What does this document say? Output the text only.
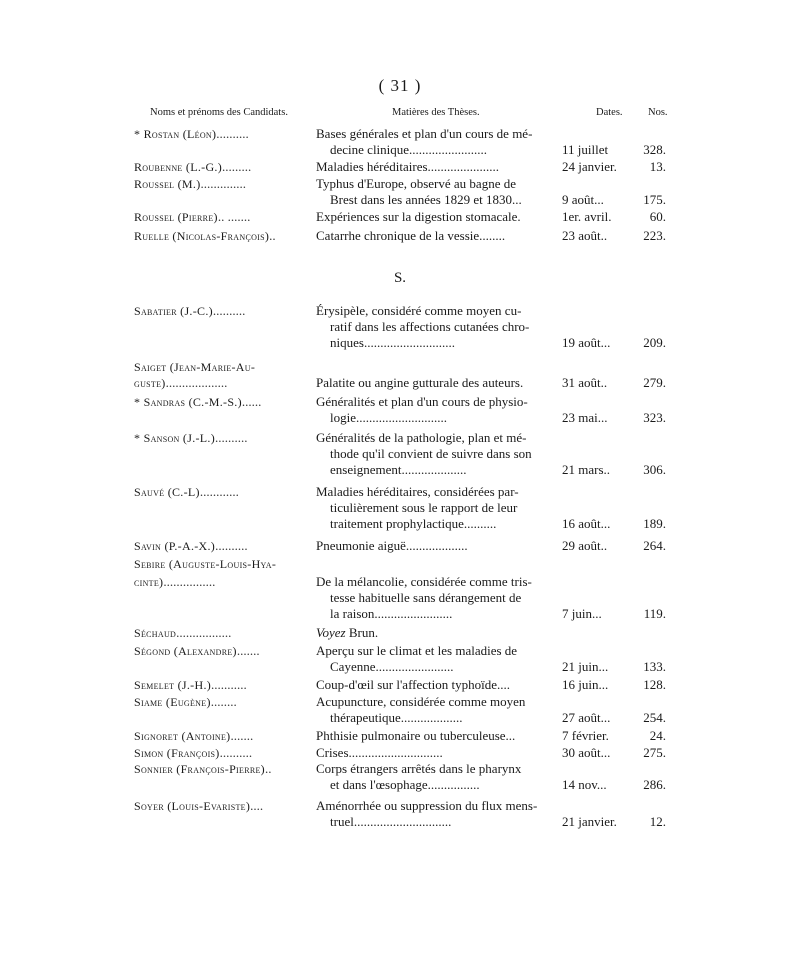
( 31 )
Noms et prénoms des Candidats.	Matières des Thèses.	Dates. Nos.
S.
* Rostan (Léon)..........	Bases générales et plan d'un cours de mé-
decine clinique........................	11 juillet	328.
Roubenne (L.-G.).........	Maladies héréditaires......................	24 janvier.	13.
Roussel (M.)..............	Typhus d'Europe, observé au bagne de
Brest dans les années 1829 et 1830...	9 août...	175.
Roussel (Pierre).. .......	Expériences sur la digestion stomacale.	1er. avril.	60.
Ruelle (Nicolas-François)..	Catarrhe chronique de la vessie........	23 août..	223.
Sabatier (J.-C.)..........	Érysipèle, considéré comme moyen cu-
ratif dans les affections cutanées chro-
niques............................	19 août...	209.
Saiget (Jean-Marie-Au-
guste)...................	Palatite ou angine gutturale des auteurs.	31 août..	279.
* Sandras (C.-M.-S.)......	Généralités et plan d'un cours de physio-
logie............................	23 mai...	323.
* Sanson (J.-L.)..........	Généralités de la pathologie, plan et mé-
thode qu'il convient de suivre dans son
enseignement....................	21 mars..	306.
Sauvé (C.-L)............	Maladies héréditaires, considérées par-
ticulièrement sous le rapport de leur
traitement prophylactique..........	16 août...	189.
Savin (P.-A.-X.)..........	Pneumonie aiguë...................	29 août..	264.
Sebire (Auguste-Louis-Hya-
cinte)................	De la mélancolie, considérée comme tris-
tesse habituelle sans dérangement de
la raison........................	7 juin...	119.
Séchaud.................	Voyez Brun.
Ségond (Alexandre).......	Aperçu sur le climat et les maladies de
Cayenne........................	21 juin...	133.
Semelet (J.-H.)...........	Coup-d'œil sur l'affection typhoïde....	16 juin...	128.
Siame (Eugène)........	Acupuncture, considérée comme moyen
thérapeutique...................	27 août...	254.
Signoret (Antoine).......	Phthisie pulmonaire ou tuberculeuse...	7 février.	24.
Simon (François)..........	Crises.............................	30 août...	275.
Sonnier (François-Pierre)..	Corps étrangers arrêtés dans le pharynx
et dans l'œsophage................	14 nov...	286.
Soyer (Louis-Evariste)....	Aménorrhée ou suppression du flux mens-
truel..............................	21 janvier.	12.
